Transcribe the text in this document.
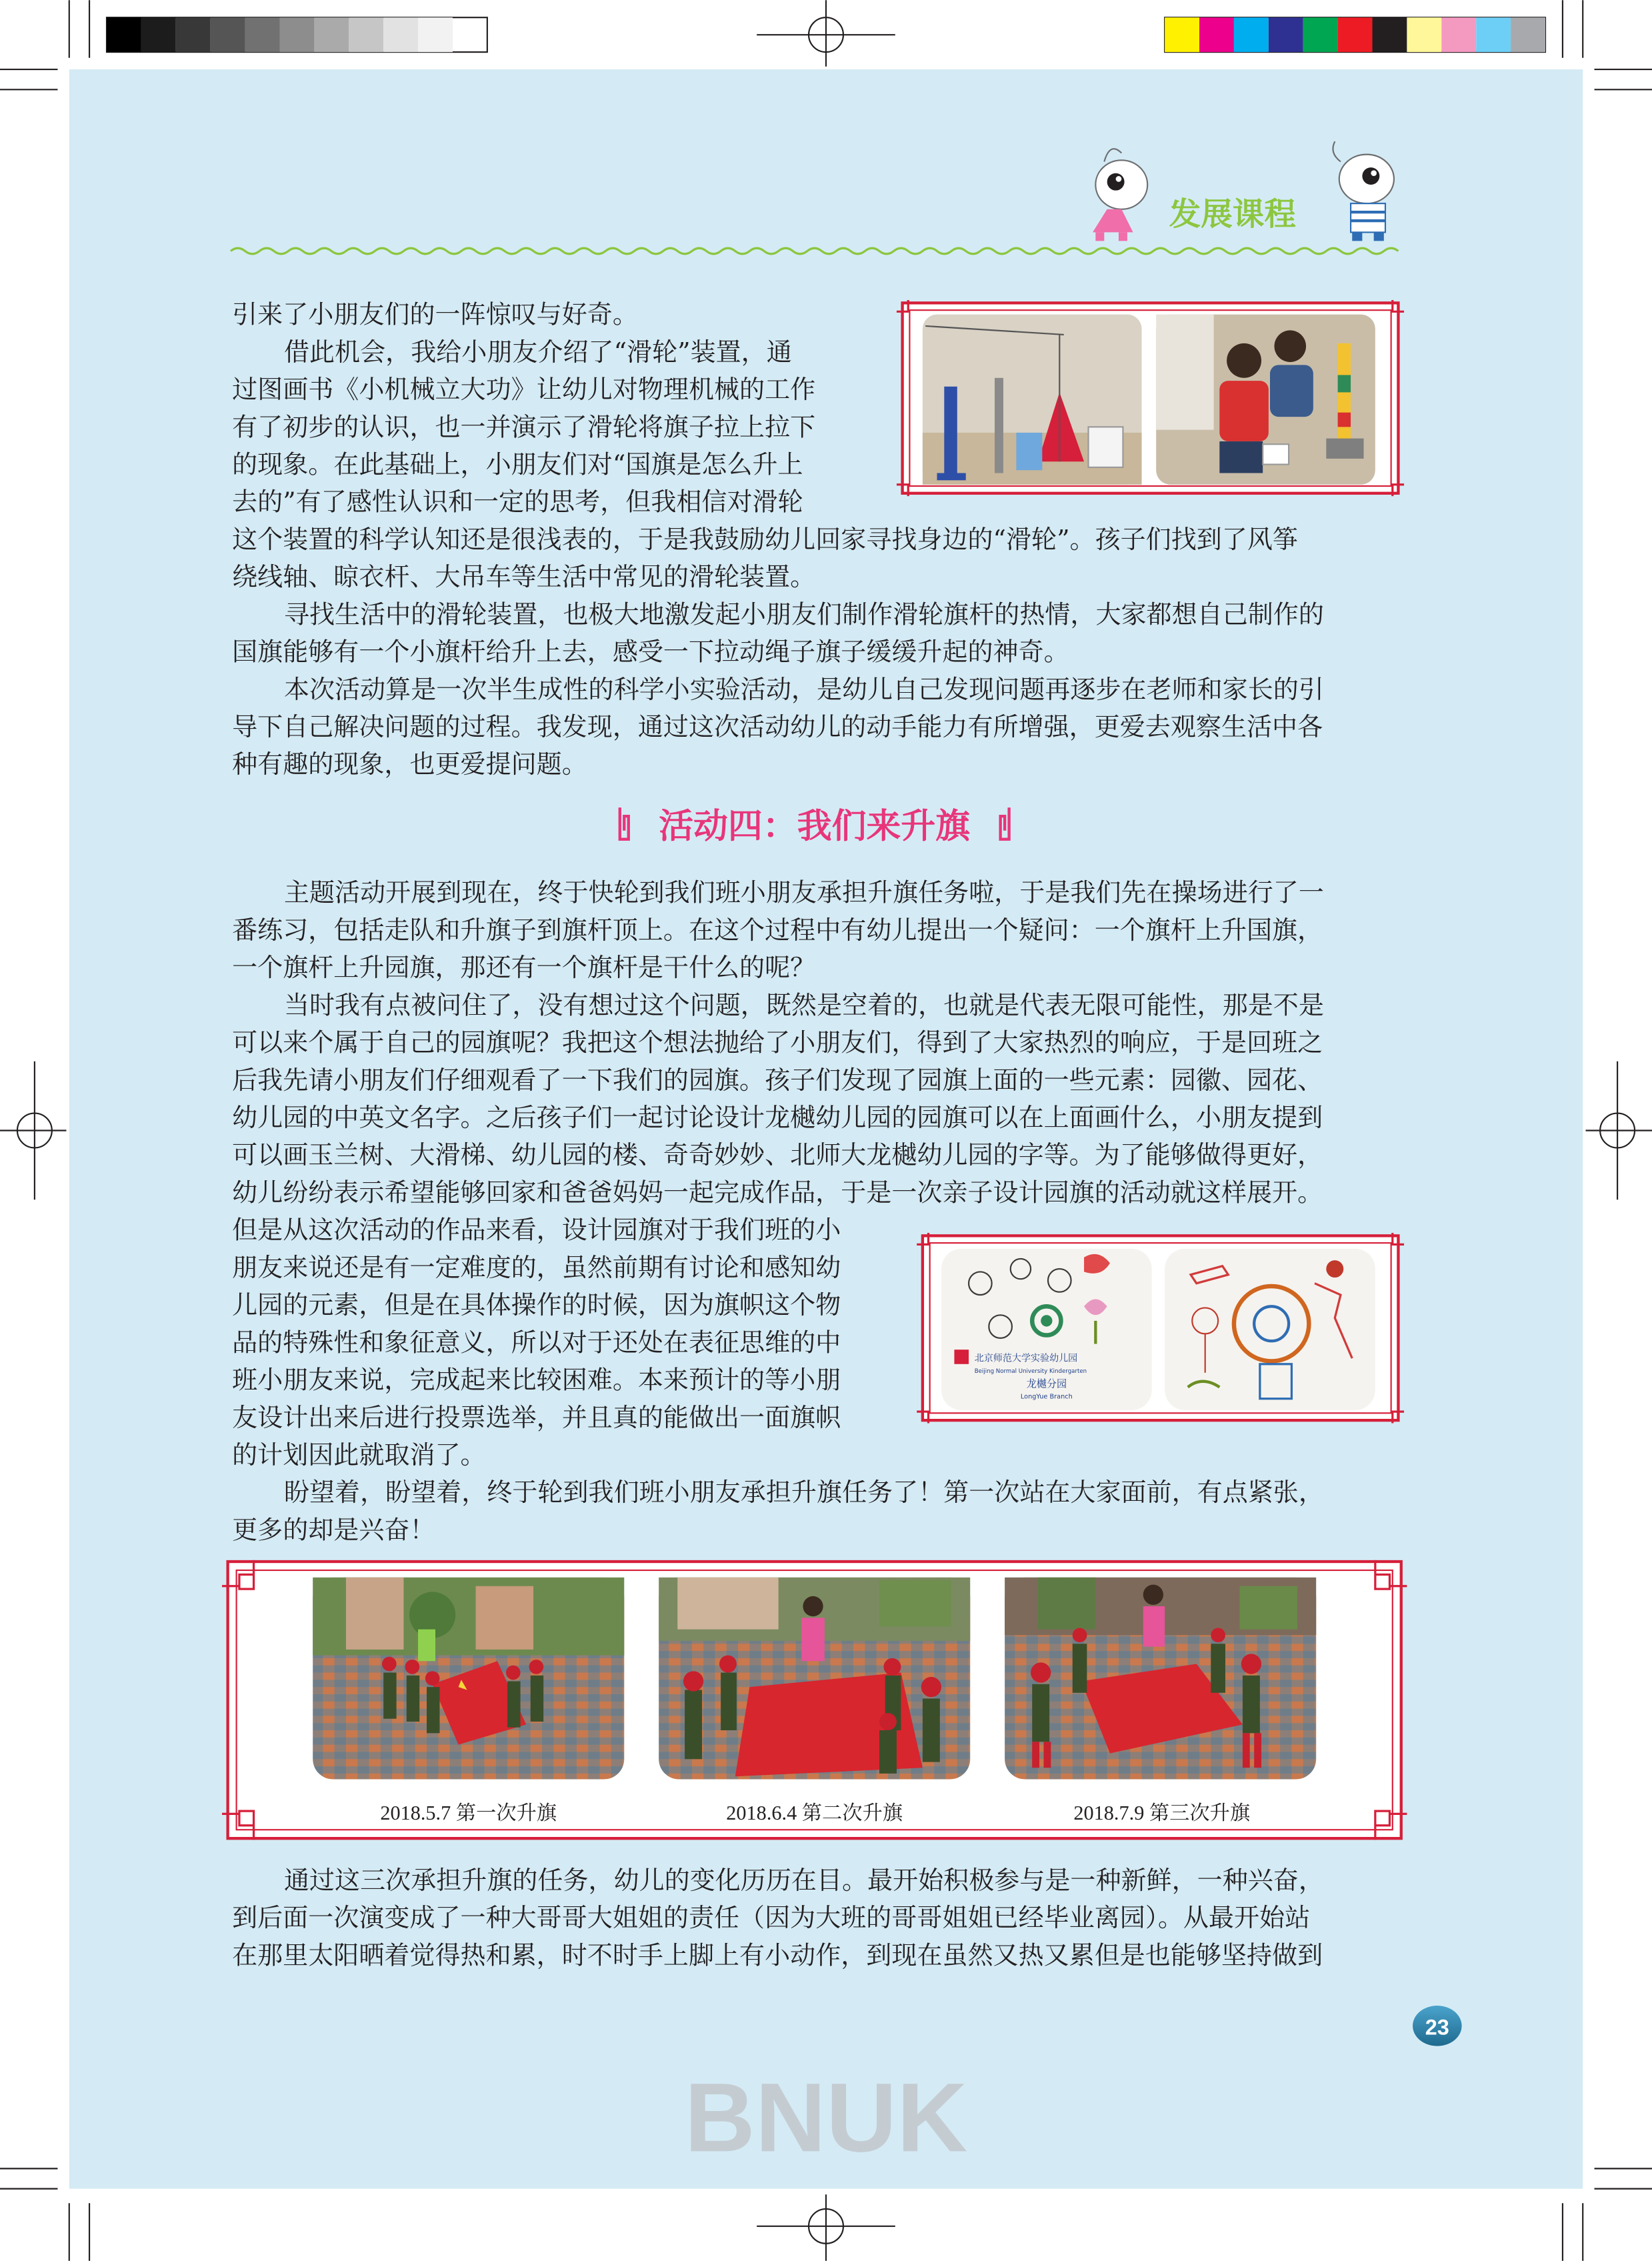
发展课程
引来了小朋友们的一阵惊叹与好奇。
借此机会，我给小朋友介绍了“滑轮”装置，通
过图画书《小机械立大功》让幼儿对物理机械的工作
有了初步的认识，也一并演示了滑轮将旗子拉上拉下
的现象。在此基础上，小朋友们对“国旗是怎么升上
去的”有了感性认识和一定的思考，但我相信对滑轮
这个装置的科学认知还是很浅表的，于是我鼓励幼儿回家寻找身边的“滑轮”。孩子们找到了风筝
绕线轴、晾衣杆、大吊车等生活中常见的滑轮装置。
寻找生活中的滑轮装置，也极大地激发起小朋友们制作滑轮旗杆的热情，大家都想自己制作的
国旗能够有一个小旗杆给升上去，感受一下拉动绳子旗子缓缓升起的神奇。
本次活动算是一次半生成性的科学小实验活动，是幼儿自己发现问题再逐步在老师和家长的引
导下自己解决问题的过程。我发现，通过这次活动幼儿的动手能力有所增强，更爱去观察生活中各
种有趣的现象，也更爱提问题。
活动四：我们来升旗
主题活动开展到现在，终于快轮到我们班小朋友承担升旗任务啦，于是我们先在操场进行了一
番练习，包括走队和升旗子到旗杆顶上。在这个过程中有幼儿提出一个疑问：一个旗杆上升国旗，
一个旗杆上升园旗，那还有一个旗杆是干什么的呢？
当时我有点被问住了，没有想过这个问题，既然是空着的，也就是代表无限可能性，那是不是
可以来个属于自己的园旗呢？我把这个想法抛给了小朋友们，得到了大家热烈的响应，于是回班之
后我先请小朋友们仔细观看了一下我们的园旗。孩子们发现了园旗上面的一些元素：园徽、园花、
幼儿园的中英文名字。之后孩子们一起讨论设计龙樾幼儿园的园旗可以在上面画什么，小朋友提到
可以画玉兰树、大滑梯、幼儿园的楼、奇奇妙妙、北师大龙樾幼儿园的字等。为了能够做得更好，
幼儿纷纷表示希望能够回家和爸爸妈妈一起完成作品，于是一次亲子设计园旗的活动就这样展开。
但是从这次活动的作品来看，设计园旗对于我们班的小
朋友来说还是有一定难度的，虽然前期有讨论和感知幼
儿园的元素，但是在具体操作的时候，因为旗帜这个物
品的特殊性和象征意义，所以对于还处在表征思维的中
班小朋友来说，完成起来比较困难。本来预计的等小朋
友设计出来后进行投票选举，并且真的能做出一面旗帜
的计划因此就取消了。
盼望着，盼望着，终于轮到我们班小朋友承担升旗任务了！第一次站在大家面前，有点紧张，
更多的却是兴奋！
北京师范大学实验幼儿园
Beijing Normal University Kindergarten
龙樾分园
LongYue Branch
2018.5.7 第一次升旗	2018.6.4 第二次升旗	2018.7.9 第三次升旗
通过这三次承担升旗的任务，幼儿的变化历历在目。最开始积极参与是一种新鲜，一种兴奋，
到后面一次演变成了一种大哥哥大姐姐的责任（因为大班的哥哥姐姐已经毕业离园）。从最开始站
在那里太阳晒着觉得热和累，时不时手上脚上有小动作，到现在虽然又热又累但是也能够坚持做到
23
BNUK
